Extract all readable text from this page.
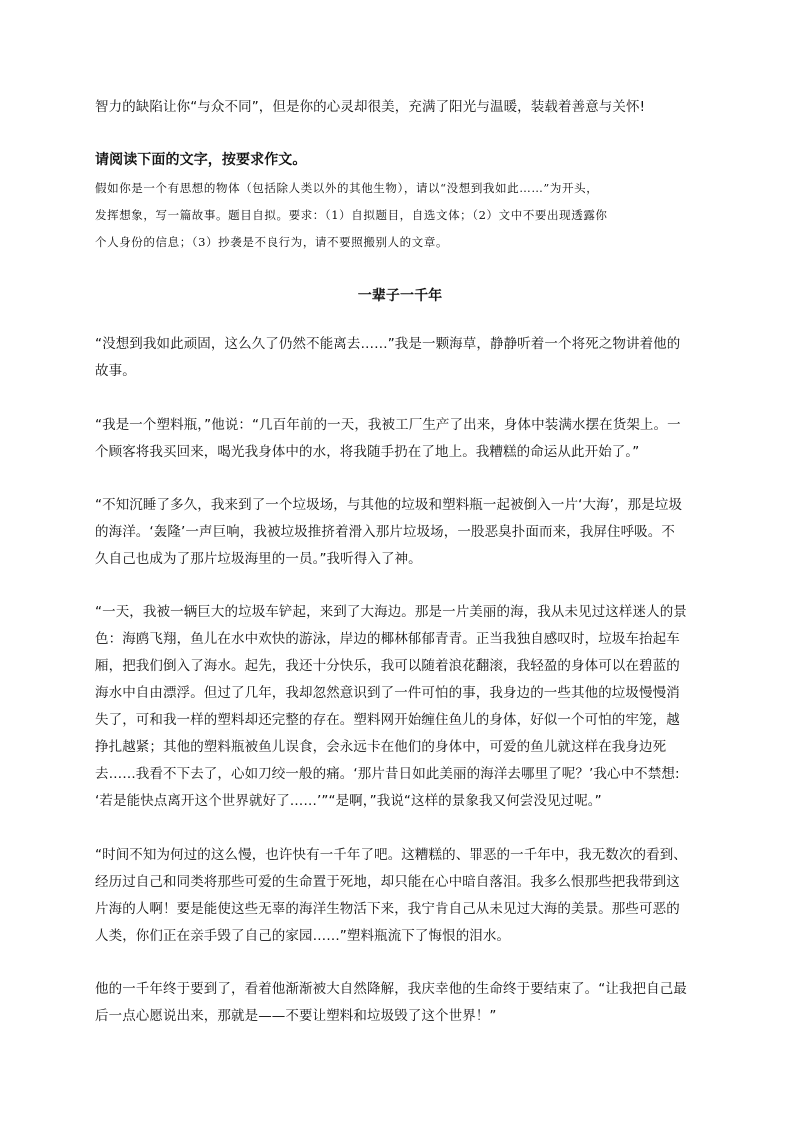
智力的缺陷让你“与众不同”，但是你的心灵却很美，充满了阳光与温暖，装载着善意与关怀!
请阅读下面的文字，按要求作文。
假如你是一个有思想的物体（包括除人类以外的其他生物），请以“没想到我如此……”为开头，
发挥想象，写一篇故事。题目自拟。要求：（1）自拟题目，自选文体；（2）文中不要出现透露你
个人身份的信息；（3）抄袭是不良行为，请不要照搬别人的文章。
一辈子一千年
“没想到我如此顽固，这么久了仍然不能离去……”我是一颗海草，静静听着一个将死之物讲着他的
故事。
“我是一个塑料瓶，”他说：“几百年前的一天，我被工厂生产了出来，身体中装满水摆在货架上。一
个顾客将我买回来，喝光我身体中的水，将我随手扔在了地上。我糟糕的命运从此开始了。”
“不知沉睡了多久，我来到了一个垃圾场，与其他的垃圾和塑料瓶一起被倒入一片‘大海’，那是垃圾
的海洋。‘轰隆’一声巨响，我被垃圾推挤着滑入那片垃圾场，一股恶臭扑面而来，我屏住呼吸。不
久自己也成为了那片垃圾海里的一员。”我听得入了神。
“一天，我被一辆巨大的垃圾车铲起，来到了大海边。那是一片美丽的海，我从未见过这样迷人的景
色：海鸥飞翔，鱼儿在水中欢快的游泳，岸边的椰林郁郁青青。正当我独自感叹时，垃圾车抬起车
厢，把我们倒入了海水。起先，我还十分快乐，我可以随着浪花翻滚，我轻盈的身体可以在碧蓝的
海水中自由漂浮。但过了几年，我却忽然意识到了一件可怕的事，我身边的一些其他的垃圾慢慢消
失了，可和我一样的塑料却还完整的存在。塑料网开始缠住鱼儿的身体，好似一个可怕的牢笼，越
挣扎越紧；其他的塑料瓶被鱼儿误食，会永远卡在他们的身体中，可爱的鱼儿就这样在我身边死
去……我看不下去了，心如刀绞一般的痛。‘那片昔日如此美丽的海洋去哪里了呢？’我心中不禁想:
‘若是能快点离开这个世界就好了……’”“是啊，”我说“这样的景象我又何尝没见过呢。”
“时间不知为何过的这么慢，也许快有一千年了吧。这糟糕的、罪恶的一千年中，我无数次的看到、
经历过自己和同类将那些可爱的生命置于死地，却只能在心中暗自落泪。我多么恨那些把我带到这
片海的人啊！要是能使这些无辜的海洋生物活下来，我宁肯自己从未见过大海的美景。那些可恶的
人类，你们正在亲手毁了自己的家园……”塑料瓶流下了悔恨的泪水。
他的一千年终于要到了，看着他渐渐被大自然降解，我庆幸他的生命终于要结束了。“让我把自己最
后一点心愿说出来，那就是——不要让塑料和垃圾毁了这个世界！”
